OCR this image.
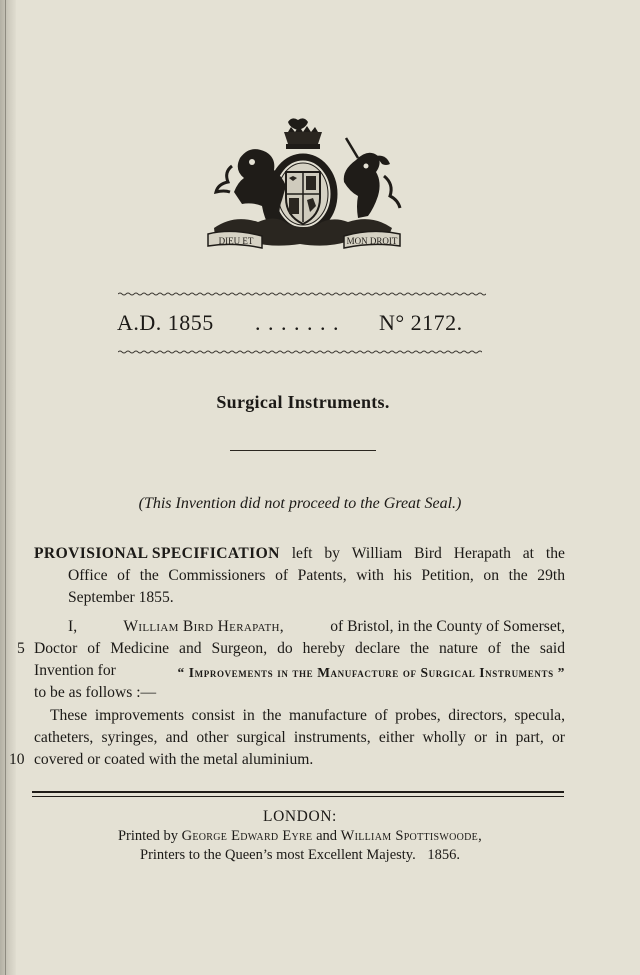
DIEU ET	MON DROIT
A.D. 1855 . . . . . . . N° 2172.
Surgical Instruments.
(This Invention did not proceed to the Great Seal.)
PROVISIONAL SPECIFICATION left by William Bird Herapath at the
Office of the Commissioners of Patents, with his Petition, on the 29th
September 1855.
I,	William Bird Herapath,	of Bristol, in the County of Somerset,
Doctor of Medicine and Surgeon, do hereby declare the nature of the said
Invention for	“ Improvements in the Manufacture of Surgical Instruments ”
to be as follows :—
These improvements consist in the manufacture of probes, directors, specula,
catheters, syringes, and other surgical instruments, either wholly or in part, or
covered or coated with the metal aluminium.
5
10
LONDON:
Printed by George Edward Eyre and William Spottiswoode,
Printers to the Queen’s most Excellent Majesty. 1856.
